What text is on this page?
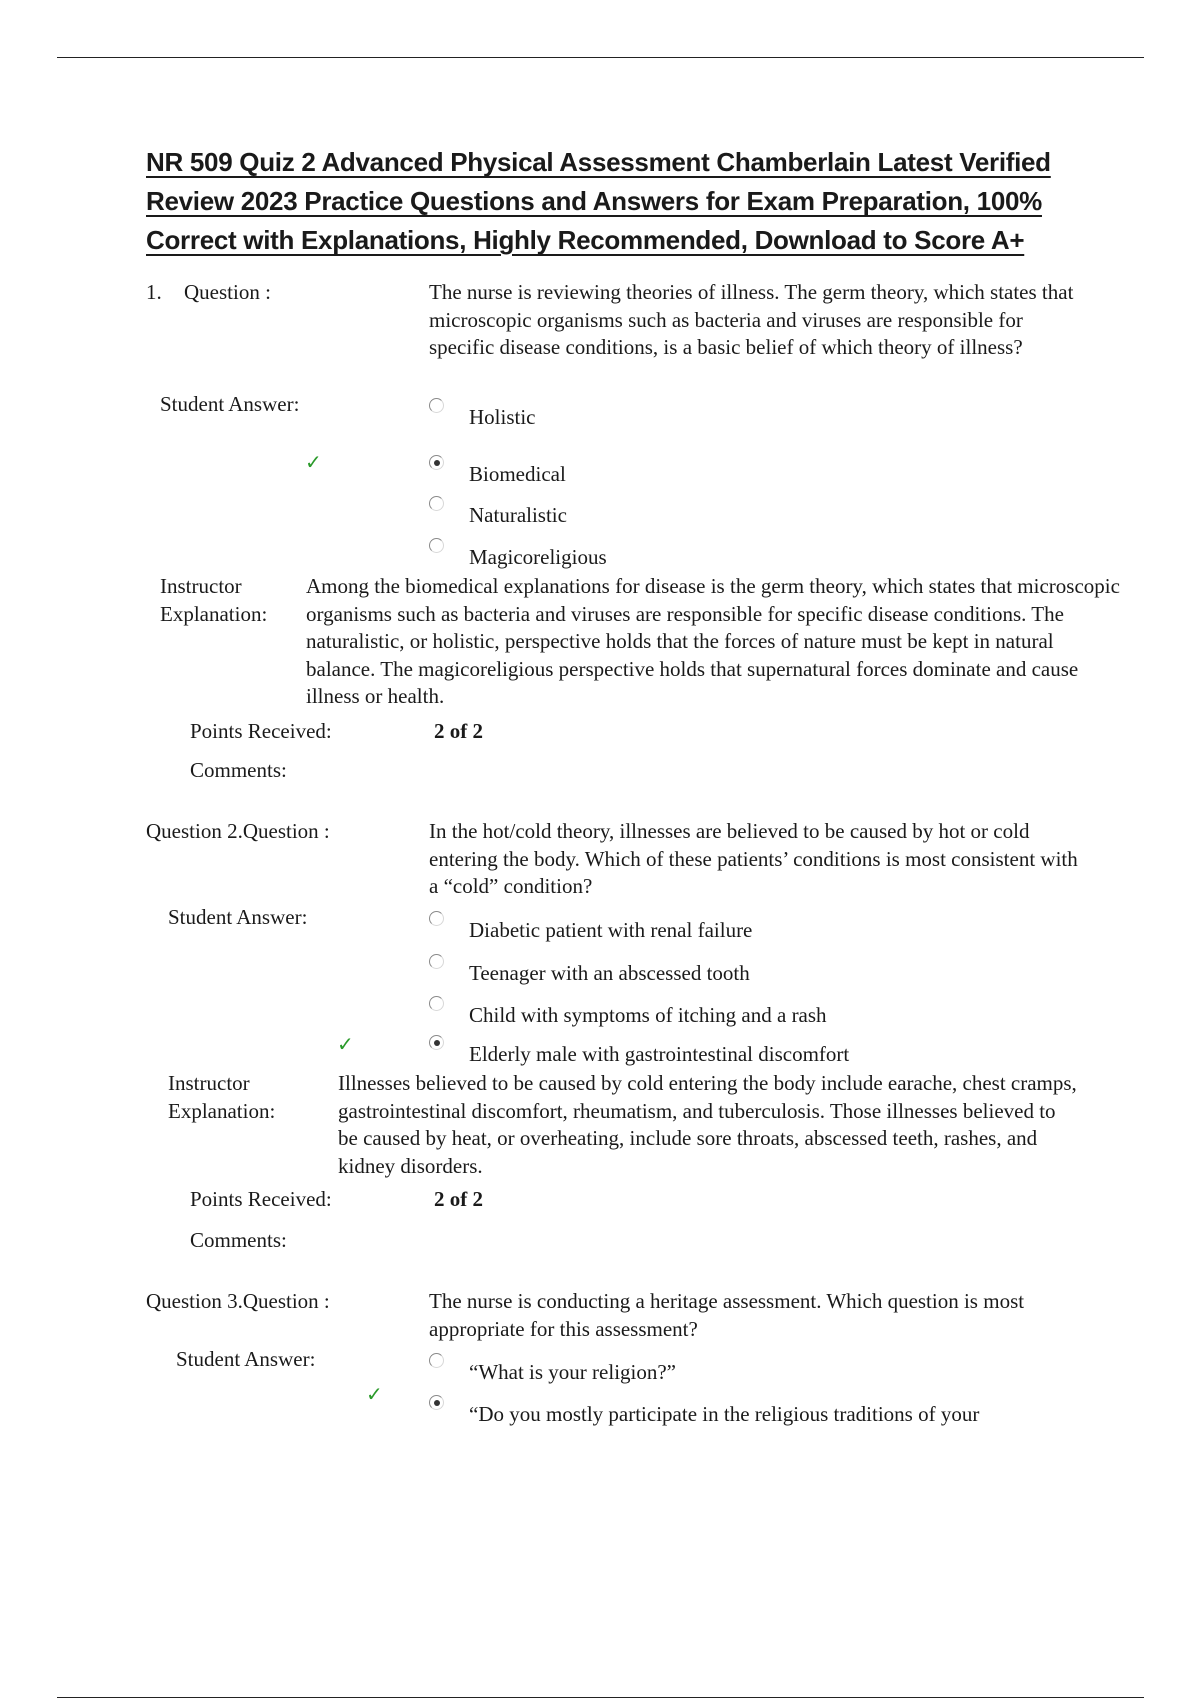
NR 509 Quiz 2 Advanced Physical Assessment Chamberlain Latest Verified Review 2023 Practice Questions and Answers for Exam Preparation, 100% Correct with Explanations, Highly Recommended, Download to Score A+
1. Question :	The nurse is reviewing theories of illness. The germ theory, which states that microscopic organisms such as bacteria and viruses are responsible for specific disease conditions, is a basic belief of which theory of illness?
Student Answer:
Holistic
✓	Biomedical
Naturalistic
Magicoreligious
Instructor Explanation:
Among the biomedical explanations for disease is the germ theory, which states that microscopic organisms such as bacteria and viruses are responsible for specific disease conditions. The naturalistic, or holistic, perspective holds that the forces of nature must be kept in natural balance. The magicoreligious perspective holds that supernatural forces dominate and cause illness or health.
Points Received:	2 of 2
Comments:
Question 2.Question :	In the hot/cold theory, illnesses are believed to be caused by hot or cold entering the body. Which of these patients’ conditions is most consistent with a “cold” condition?
Student Answer:
Diabetic patient with renal failure
Teenager with an abscessed tooth
Child with symptoms of itching and a rash
✓	Elderly male with gastrointestinal discomfort
Instructor Explanation:
Illnesses believed to be caused by cold entering the body include earache, chest cramps, gastrointestinal discomfort, rheumatism, and tuberculosis. Those illnesses believed to be caused by heat, or overheating, include sore throats, abscessed teeth, rashes, and kidney disorders.
Points Received:	2 of 2
Comments:
Question 3.Question :	The nurse is conducting a heritage assessment. Which question is most appropriate for this assessment?
Student Answer:
“What is your religion?”
✓
“Do you mostly participate in the religious traditions of your
